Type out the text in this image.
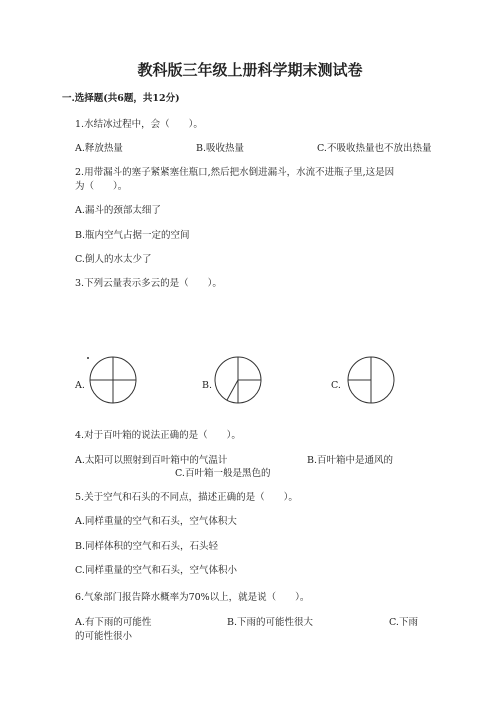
教科版三年级上册科学期末测试卷
一.选择题(共6题，共12分)
1.水结冰过程中，会（　　）。
A.释放热量	B.吸收热量	C.不吸收热量也不放出热量
2.用带漏斗的塞子紧紧塞住瓶口,然后把水倒进漏斗，水流不进瓶子里,这是因
为（　　）。
A.漏斗的颈部太细了
B.瓶内空气占据一定的空间
C.倒人的水太少了
3.下列云量表示多云的是（　　）。
A.	B.	C.
4.对于百叶箱的说法正确的是（　　）。
A.太阳可以照射到百叶箱中的气温计	B.百叶箱中是通风的
C.百叶箱一般是黑色的
5.关于空气和石头的不同点，描述正确的是（　　）。
A.同样重量的空气和石头，空气体积大
B.同样体积的空气和石头，石头轻
C.同样重量的空气和石头，空气体积小
6.气象部门报告降水概率为70%以上，就是说（　　）。
A.有下雨的可能性	B.下雨的可能性很大	C.下雨
的可能性很小
